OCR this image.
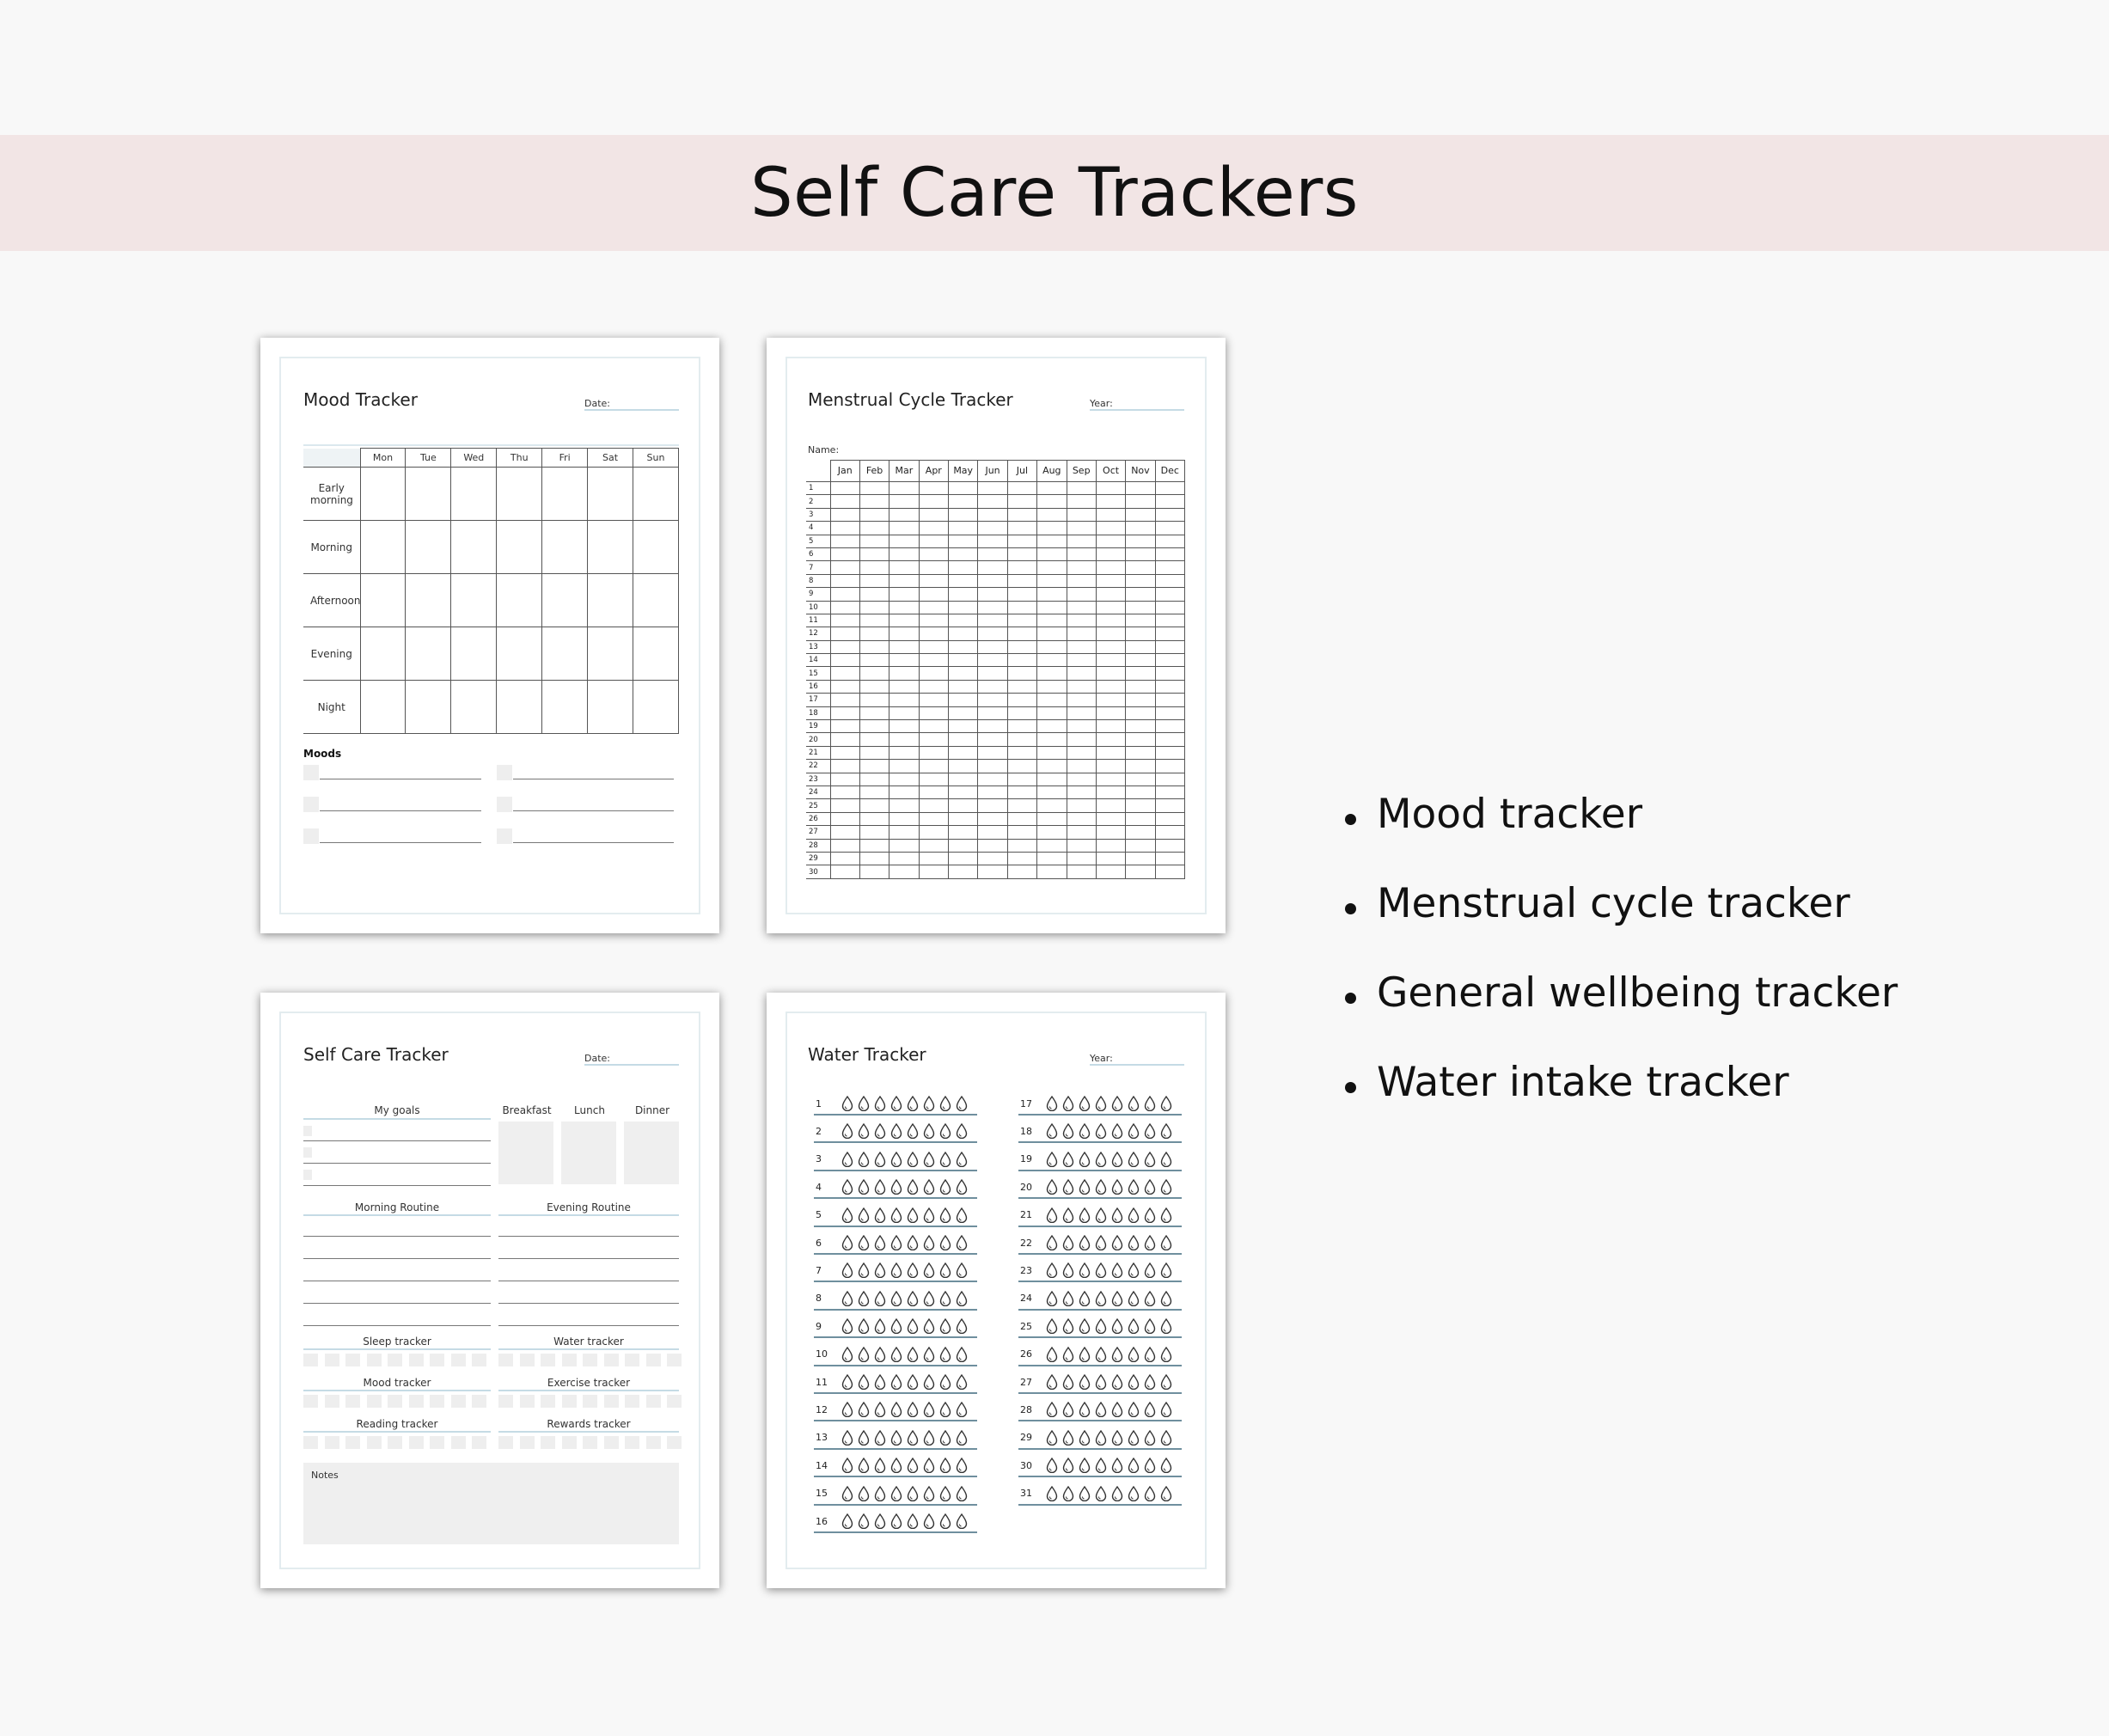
Self Care Trackers
Mood Tracker	Date:
	Mon	Tue	Wed	Thu	Fri	Sat	Sun
Early morning							
Morning							
Afternoon							
Evening							
Night							
Moods
Menstrual Cycle Tracker	Year:
Name:
	Jan	Feb	Mar	Apr	May	Jun	Jul	Aug	Sep	Oct	Nov	Dec
1												
2												
3												
4												
5												
6												
7												
8												
9												
10												
11												
12												
13												
14												
15												
16												
17												
18												
19												
20												
21												
22												
23												
24												
25												
26												
27												
28												
29												
30												
Self Care Tracker	Date:
My goals	Breakfast	Lunch	Dinner
Morning Routine	Evening Routine
Sleep tracker	Water tracker
Mood tracker	Exercise tracker
Reading tracker	Rewards tracker
Notes
Water Tracker	Year:
1
2
3
4
5
6
7
8
9
10
11
12
13
14
15
16
17
18
19
20
21
22
23
24
25
26
27
28
29
30
31
Mood tracker
Menstrual cycle tracker
General wellbeing tracker
Water intake tracker
